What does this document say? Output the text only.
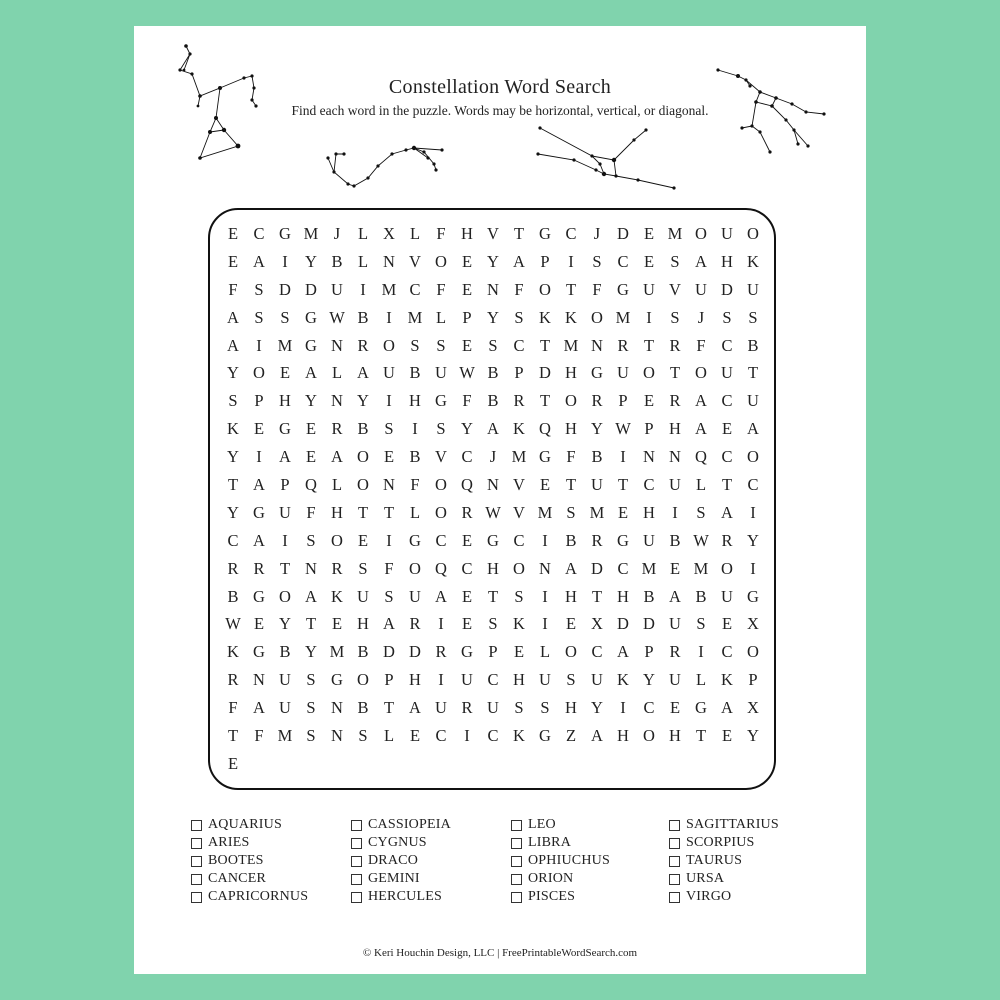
Constellation Word Search
Find each word in the puzzle. Words may be horizontal, vertical, or diagonal.
E C G M J	L X L F H V T G C	J	D E M O U O
E A	I	Y B L N V O E Y A P	I	S C E S A H K
F	S D D U	I M C F E N F O T F G U V U D U
A S	S G W B	I M L P Y S K K O M I	S	J	S	S
A	I M G N R O S	S E S C T M N R T R F C B
Y O E A L A U B U W B P D H G U O T O U T
S	P H Y N Y	I	H G F B R T O R P E R A C U
K E G E R B S	I	S Y A K Q H Y W P H A E A
Y	I	A E A O E B V C	J M G F B	I	N N Q C O
T A P Q L O N F O Q N V E T U T C U L T C
Y G U F H T T L O R W V M S M E H	I	S A	I
C A	I	S O E	I	G C E G C	I	B R G U B W R Y
R R T N R S	F O Q C H O N A D C M E M O	I
B G O A K U S U A E T S	I	H T H B A B U G
W E Y T E H A R	I	E S K	I	E X D D U S E X
K G B Y M B D D R G P E L O C A P R	I	C O
R N U S G O P H	I	U C H U S U K Y U L K P
F A U S N B T A U R U S	S H Y	I	C E G A X
T F M S N S L E C	I	C K G Z A H O H T E Y
E
AQUARIUS
ARIES
BOOTES
CANCER
CAPRICORNUS
CASSIOPEIA
CYGNUS
DRACO
GEMINI
HERCULES
LEO
LIBRA
OPHIUCHUS
ORION
PISCES
SAGITTARIUS
SCORPIUS
TAURUS
URSA
VIRGO
© Keri Houchin Design, LLC | FreePrintableWordSearch.com
